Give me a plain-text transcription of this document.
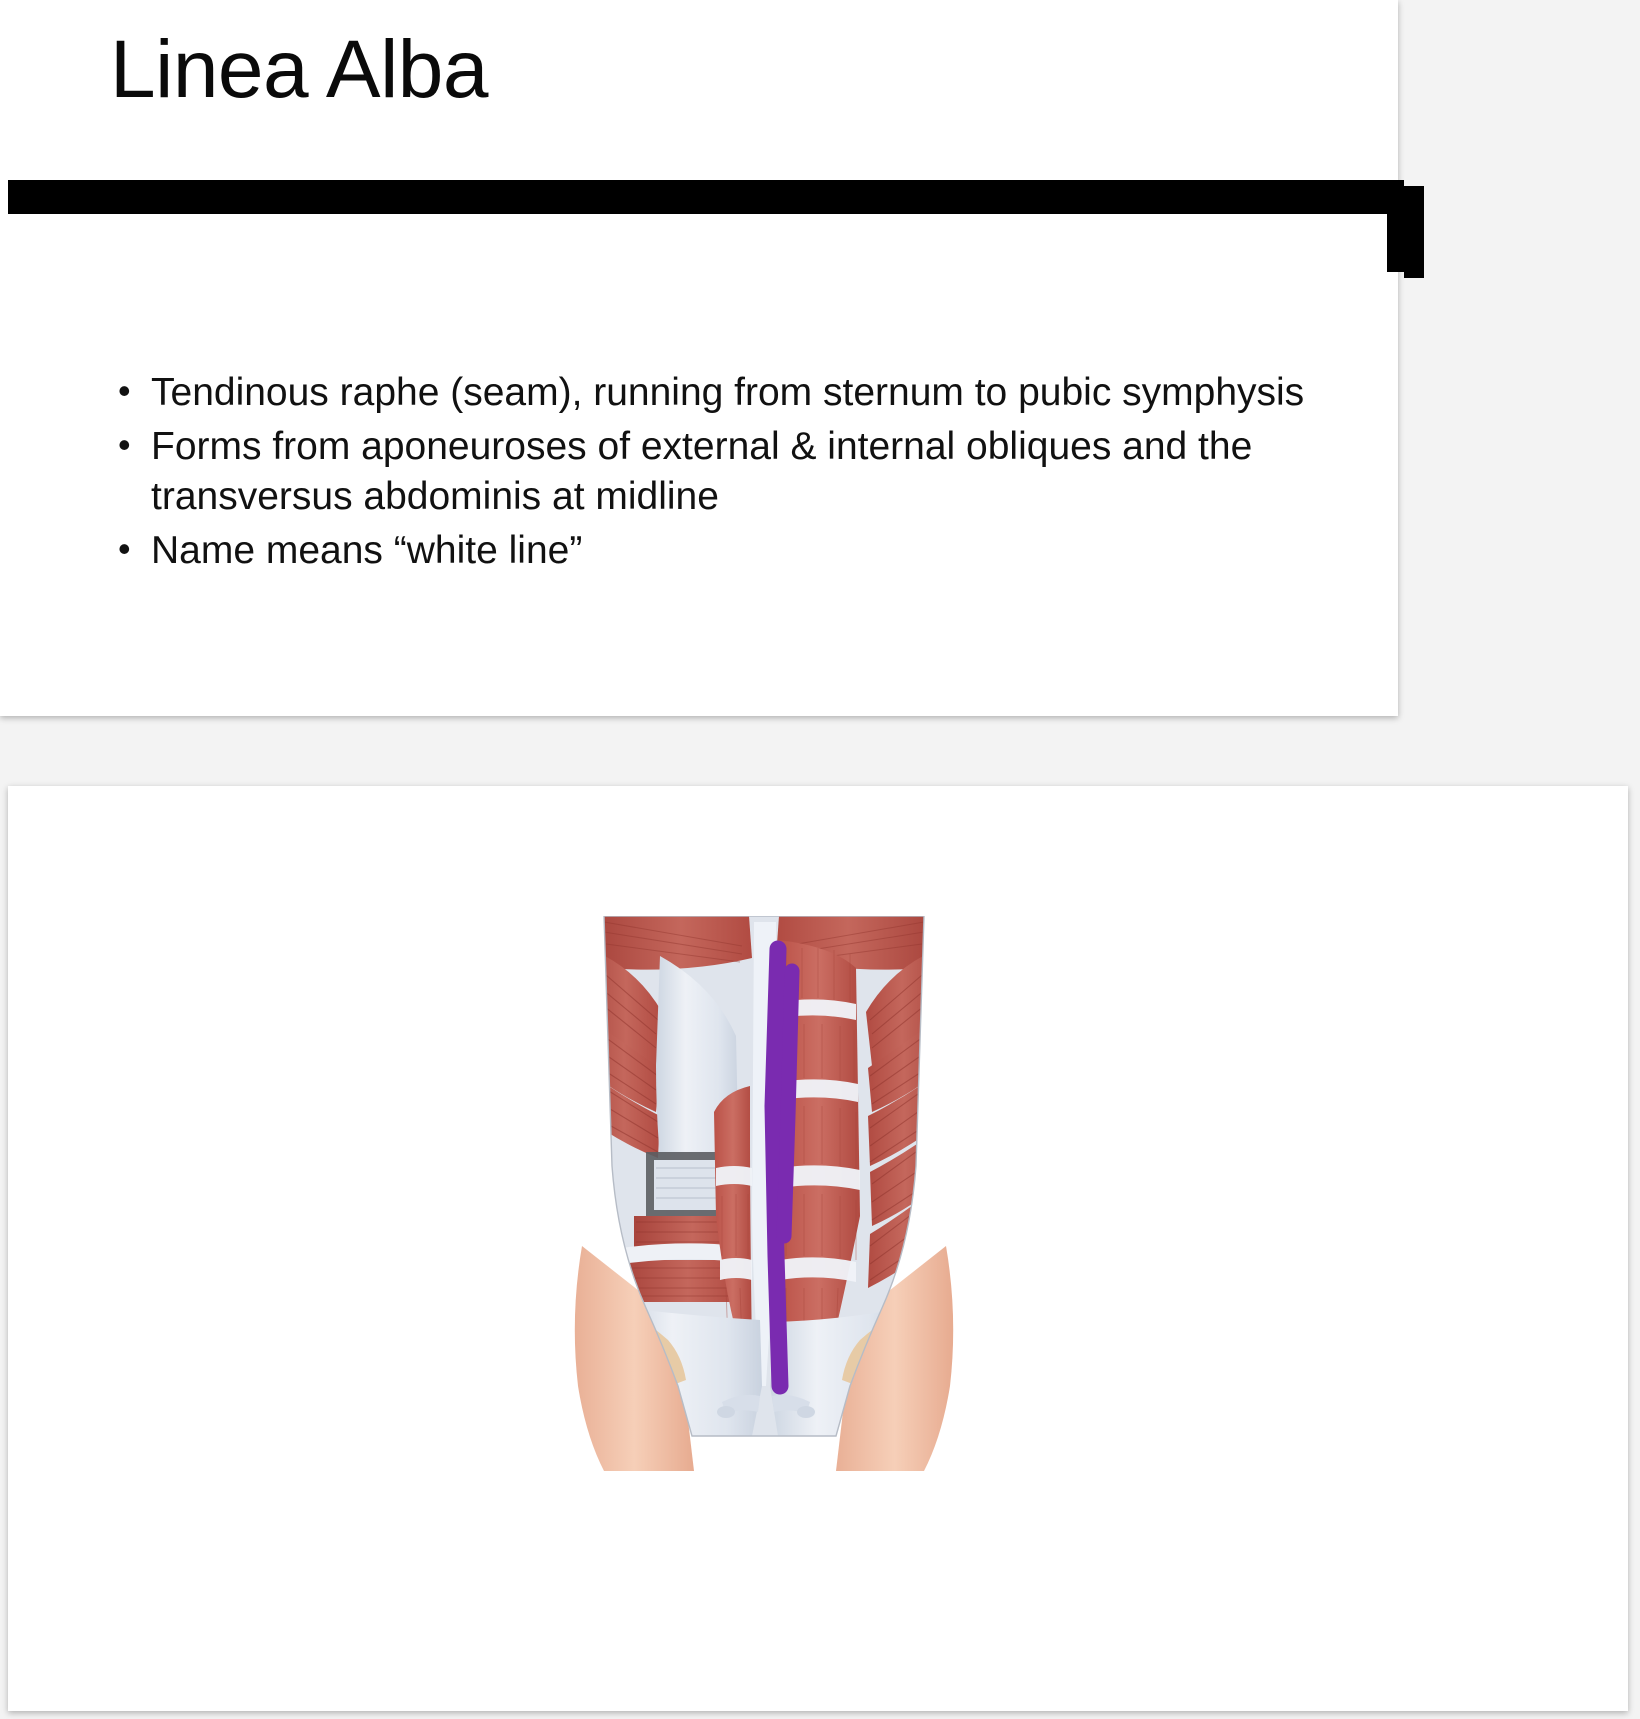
Linea Alba
• Tendinous raphe (seam), running from sternum to pubic symphysis
• Forms from aponeuroses of external & internal obliques and the transversus abdominis at midline
• Name means “white line”
